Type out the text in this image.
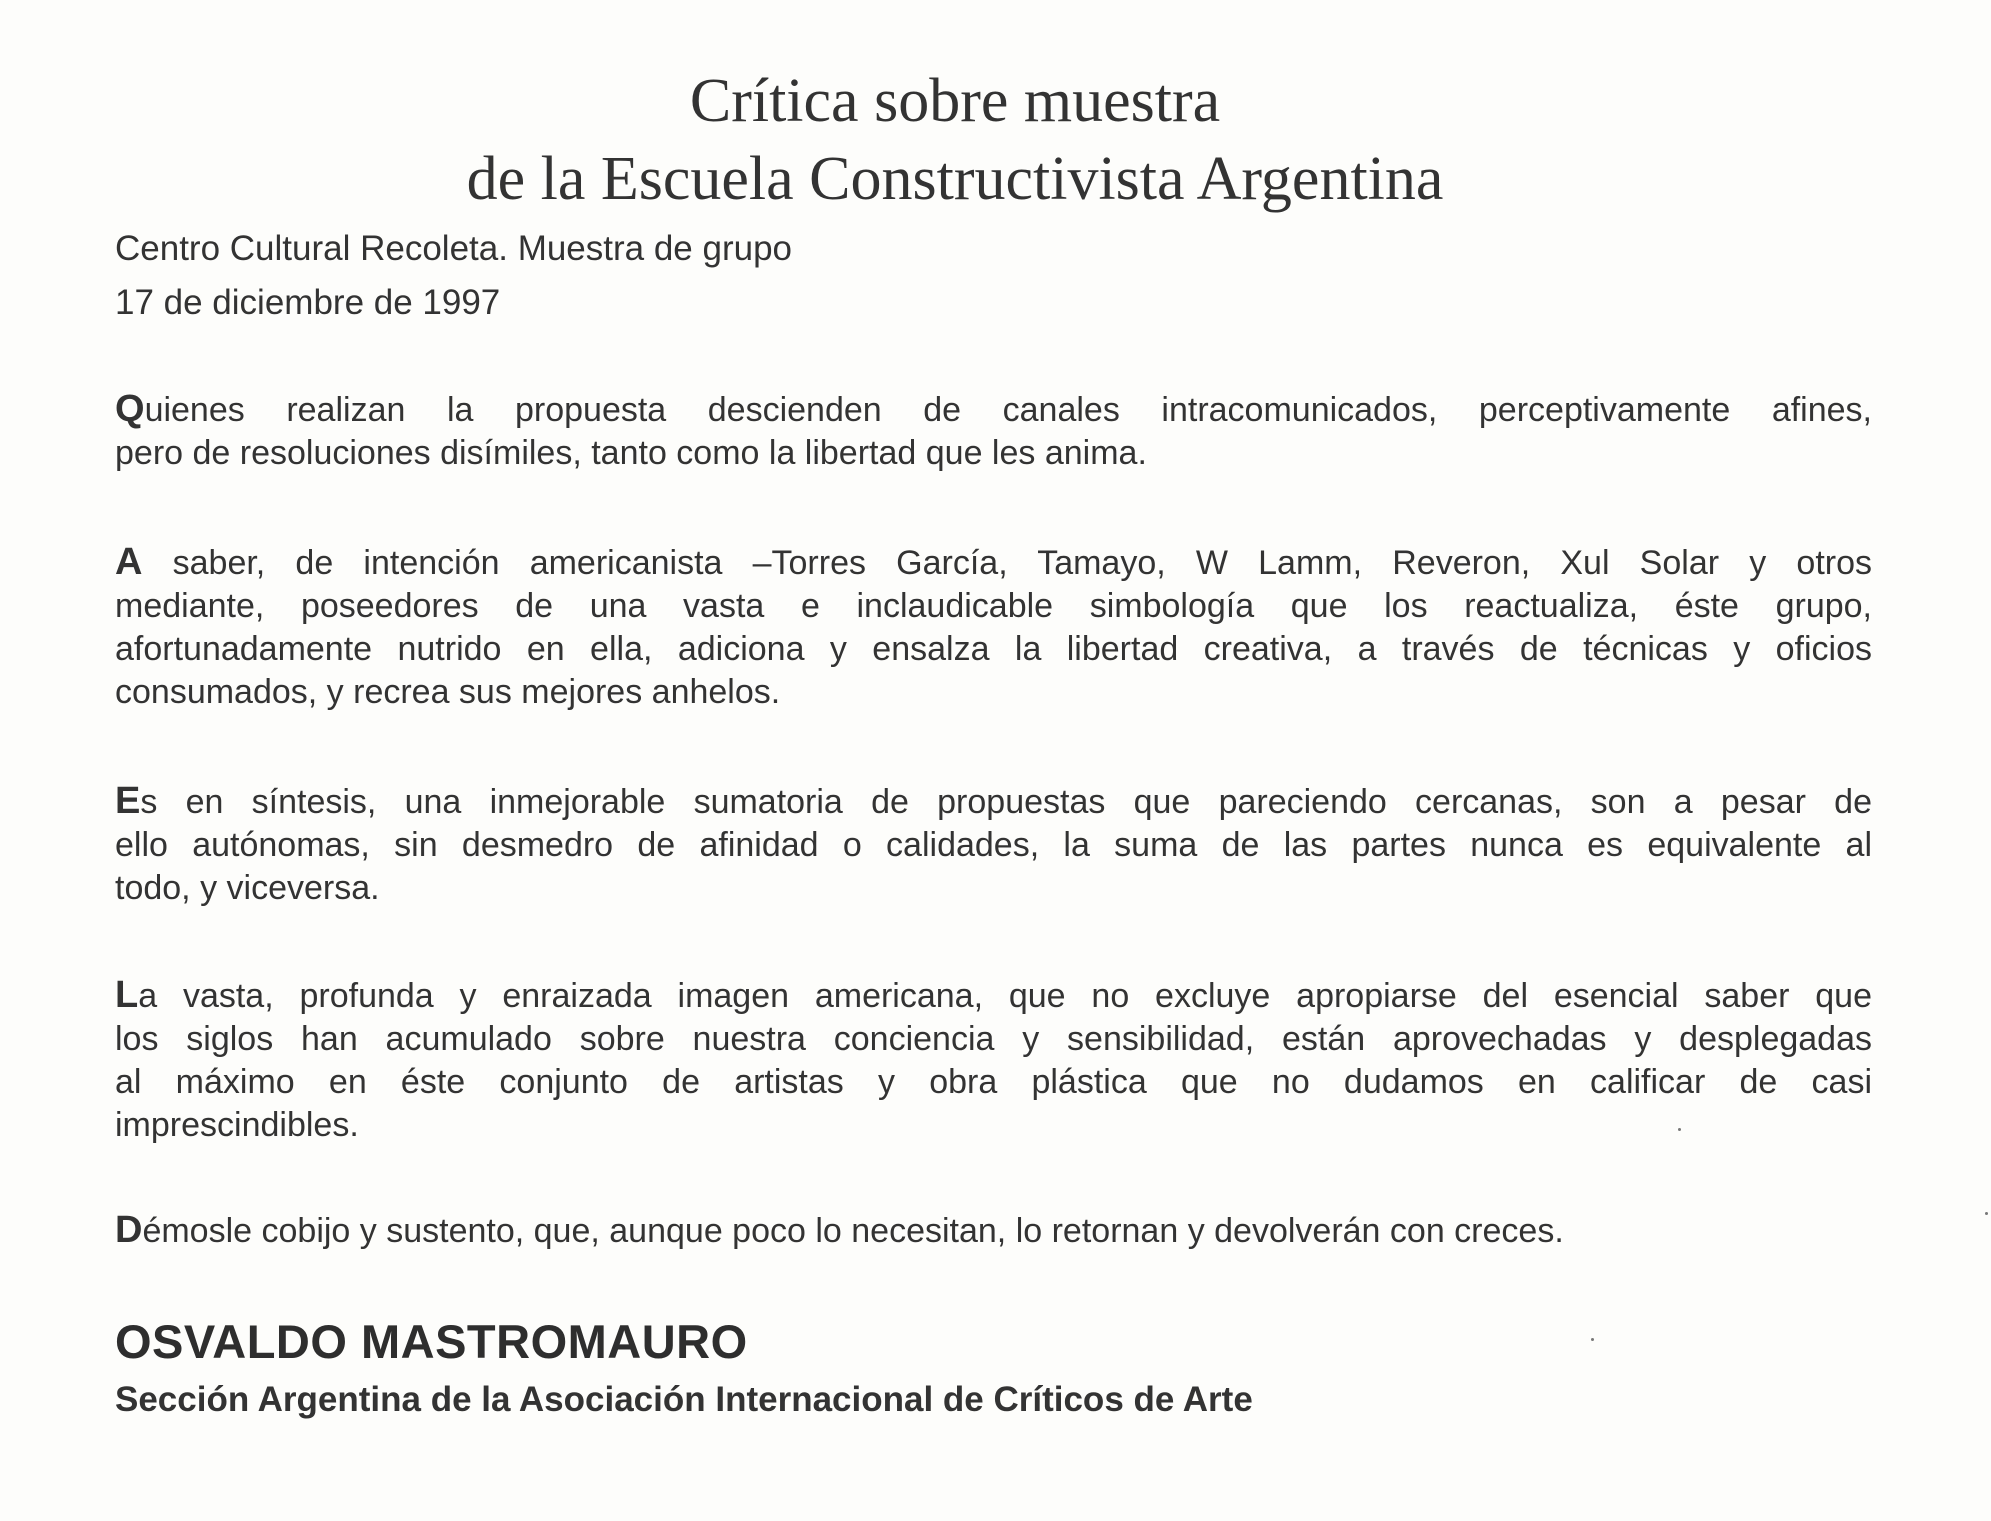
Crítica sobre muestra
de la Escuela Constructivista Argentina
Centro Cultural Recoleta. Muestra de grupo
17 de diciembre de 1997
Quienes realizan la propuesta descienden de canales intracomunicados, perceptivamente afines,
pero de resoluciones disímiles, tanto como la libertad que les anima.
A saber, de intención americanista –Torres García, Tamayo, W Lamm, Reveron, Xul Solar y otros
mediante, poseedores de una vasta e inclaudicable simbología que los reactualiza, éste grupo,
afortunadamente nutrido en ella, adiciona y ensalza la libertad creativa, a través de técnicas y oficios
consumados, y recrea sus mejores anhelos.
Es en síntesis, una inmejorable sumatoria de propuestas que pareciendo cercanas, son a pesar de
ello autónomas, sin desmedro de afinidad o calidades, la suma de las partes nunca es equivalente al
todo, y viceversa.
La vasta, profunda y enraizada imagen americana, que no excluye apropiarse del esencial saber que
los siglos han acumulado sobre nuestra conciencia y sensibilidad, están aprovechadas y desplegadas
al máximo en éste conjunto de artistas y obra plástica que no dudamos en calificar de casi
imprescindibles.
Démosle cobijo y sustento, que, aunque poco lo necesitan, lo retornan y devolverán con creces.
OSVALDO MASTROMAURO
Sección Argentina de la Asociación Internacional de Críticos de Arte
